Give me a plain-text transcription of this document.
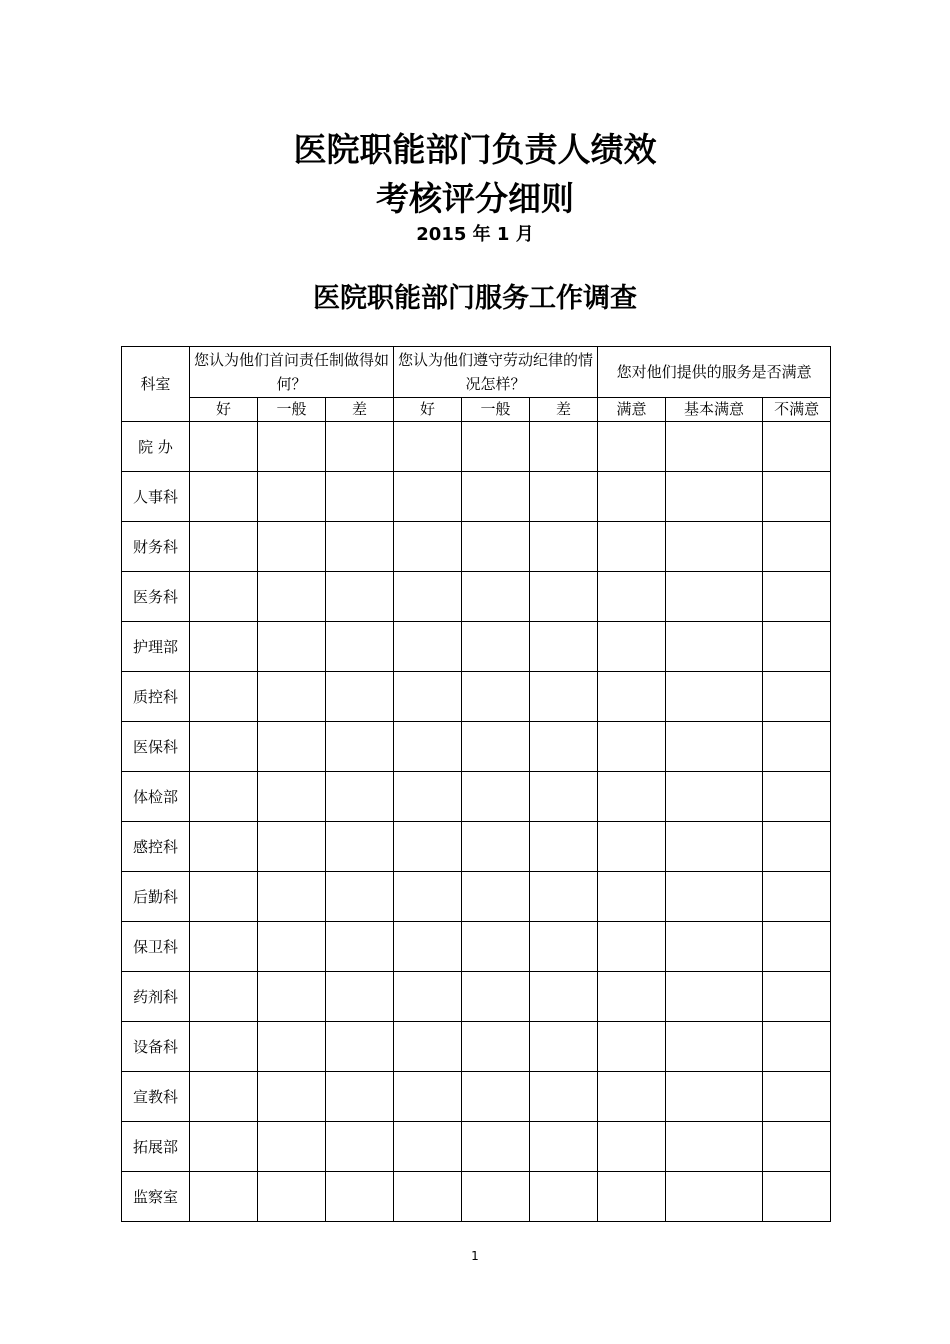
医院职能部门负责人绩效
考核评分细则
2015 年 1 月
医院职能部门服务工作调查
科室	您认为他们首问责任制做得如何？			您认为他们遵守劳动纪律的情况怎样？			您对他们提供的服务是否满意		
	好	一般	差	好	一般	差	满意	基本满意	不满意
院 办									
人事科									
财务科									
医务科									
护理部									
质控科									
医保科									
体检部									
感控科									
后勤科									
保卫科									
药剂科									
设备科									
宣教科									
拓展部									
监察室									
1
